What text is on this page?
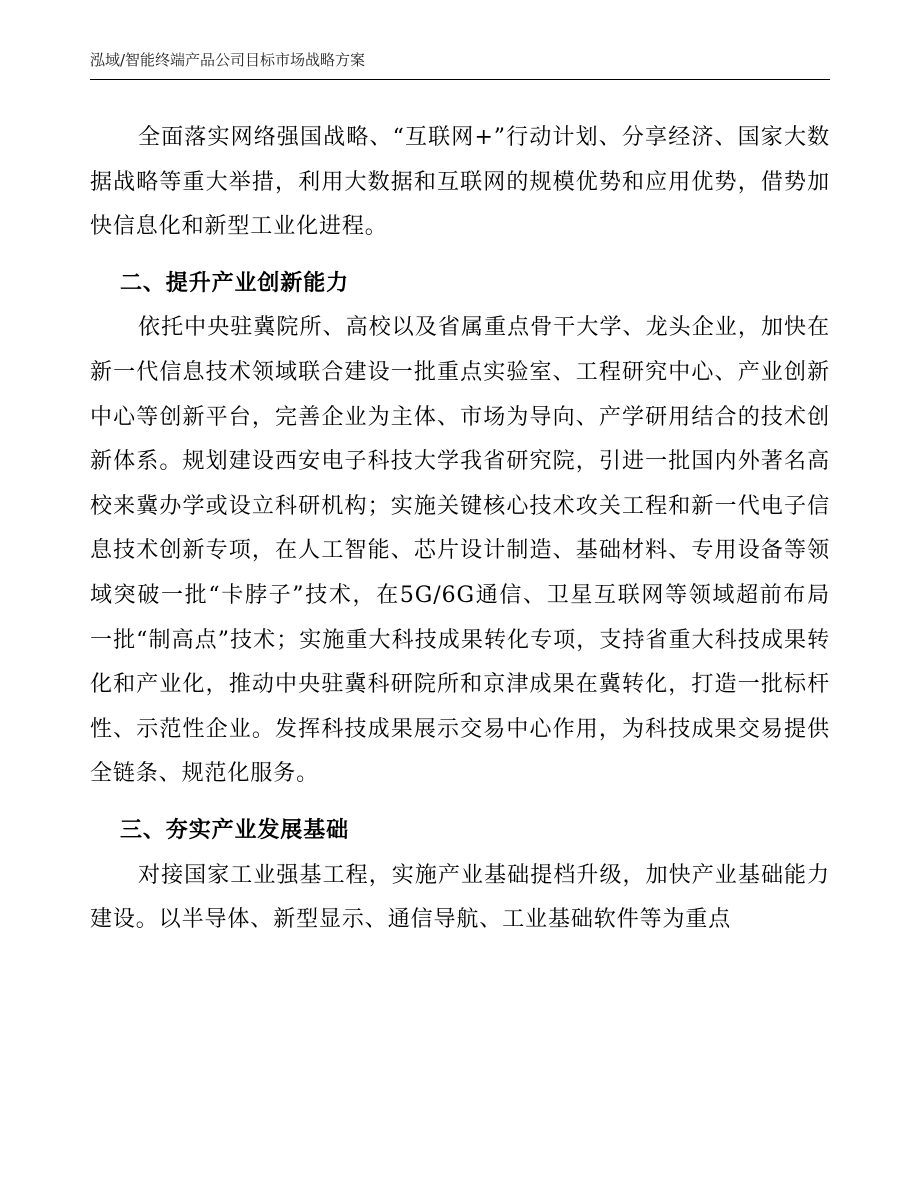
泓域/智能终端产品公司目标市场战略方案

全面落实网络强国战略、“互联网+”行动计划、分享经济、国家大数据战略等重大举措，利用大数据和互联网的规模优势和应用优势，借势加快信息化和新型工业化进程。

二、提升产业创新能力

依托中央驻冀院所、高校以及省属重点骨干大学、龙头企业，加快在新一代信息技术领域联合建设一批重点实验室、工程研究中心、产业创新中心等创新平台，完善企业为主体、市场为导向、产学研用结合的技术创新体系。规划建设西安电子科技大学我省研究院，引进一批国内外著名高校来冀办学或设立科研机构；实施关键核心技术攻关工程和新一代电子信息技术创新专项，在人工智能、芯片设计制造、基础材料、专用设备等领域突破一批“卡脖子”技术，在5G/6G通信、卫星互联网等领域超前布局一批“制高点”技术；实施重大科技成果转化专项，支持省重大科技成果转化和产业化，推动中央驻冀科研院所和京津成果在冀转化，打造一批标杆性、示范性企业。发挥科技成果展示交易中心作用，为科技成果交易提供全链条、规范化服务。

三、夯实产业发展基础

对接国家工业强基工程，实施产业基础提档升级，加快产业基础能力建设。以半导体、新型显示、通信导航、工业基础软件等为重点
